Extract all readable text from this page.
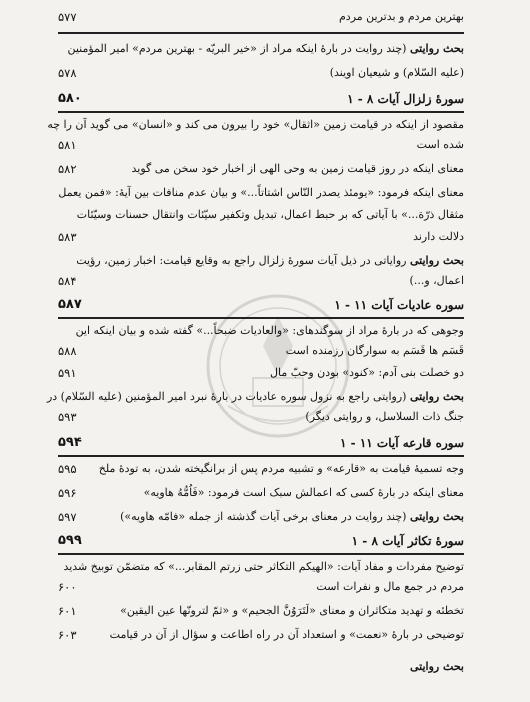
بهترین مردم و بدترین مردم
۵۷۷
بحث روایتی (چند روایت در بارۀ اینکه مراد از «خیر البریّه - بهترین مردم» امیر المؤمنین
(علیه السّلام) و شیعیان اویند)
۵۷۸
سورۀ زلزال آیات ۸ - ۱
۵۸۰
مقصود از اینکه در قیامت زمین «اثقال» خود را بیرون می کند و «انسان» می گوید آن را چه
شده است
۵۸۱
معنای اینکه در روز قیامت زمین به وحی الهی از اخبار خود سخن می گوید
۵۸۲
معنای اینکه فرمود: «یومئذ یصدر النّاس اشتاتاً...» و بیان عدم منافات بین آیۀ: «فمن یعمل
مثقال ذرّة...» با آیاتی که بر حبط اعمال، تبدیل وتکفیر سیّئات وانتقال حسنات وسیّئات
دلالت دارند
۵۸۳
بحث روایتی روایاتی در ذیل آیات سورۀ زلزال راجع به وقایع قیامت: اخبار زمین، رؤیت
اعمال، و...)
۵۸۴
سوره عادیات آیات ۱۱ - ۱
۵۸۷
وجوهی که در بارۀ مراد از سوگندهای: «والعادیات ضبحاً...» گفته شده و بیان اینکه این
قَسَم ها قَسَم به سوارگان رزمنده است
۵۸۸
دو خصلت بنی آدم: «کنود» بودن وحبّ مال
۵۹۱
بحث روایتی (روایتی راجع به نزول سوره عادیات در بارۀ نبرد امیر المؤمنین (علیه السّلام) در
جنگ ذات السلاسل، و روایتی دیگر)
۵۹۳
سوره قارعه آیات ۱۱ - ۱
۵۹۴
وجه تسمیۀ قیامت به «قارعه» و تشبیه مردم پس از برانگیخته شدن، به تودۀ ملخ
۵۹۵
معنای اینکه در بارۀ کسی که اعمالش سبک است فرمود: «فَاُمُّهُ هاویه»
۵۹۶
بحث روایتی (چند روایت در معنای برخی آیات گذشته از جمله «فامّه هاویه»)
۵۹۷
سورۀ تکاثر آیات ۸ - ۱
۵۹۹
توضیح مفردات و مفاد آیات: «الهیکم التکاثر حتی زرتم المقابر...» که متضمّن توبیخ شدید
مردم در جمع مال و نفرات است
۶۰۰
تخطئه و تهدید متکاثران و معنای «لَتَرَوُنَّ الجحیم» و «ثمّ لترونّها عین الیقین»
۶۰۱
توضیحی در بارۀ «نعمت» و استعداد آن در راه اطاعت و سؤال از آن در قیامت
۶۰۳
بحث روایتی
